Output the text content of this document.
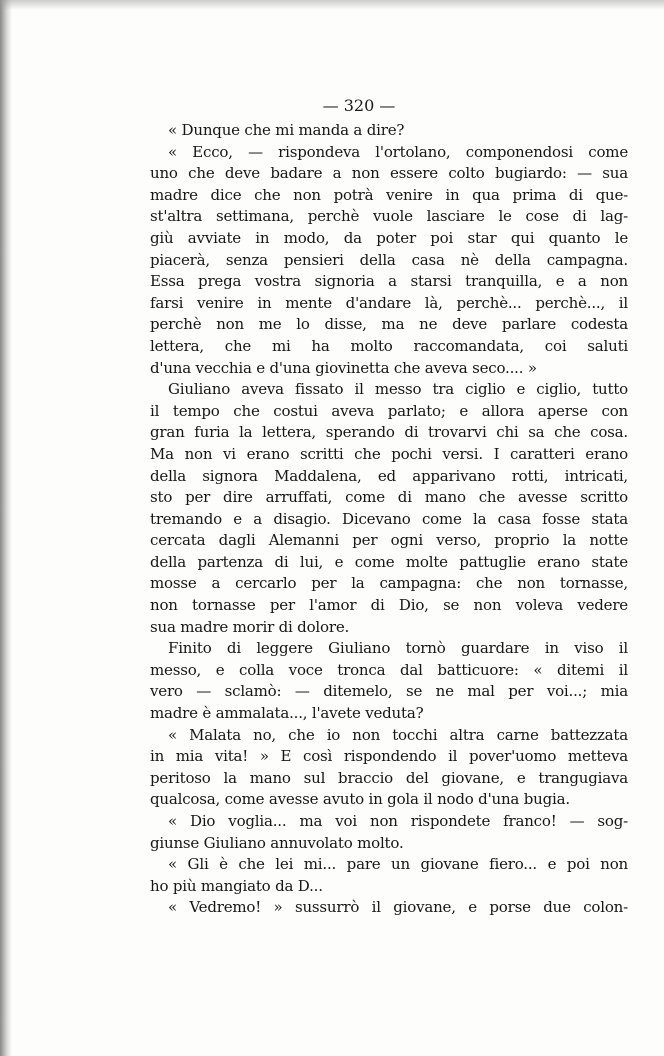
— 320 —
« Dunque che mi manda a dire?
« Ecco, — rispondeva l'ortolano, componendosi come
uno che deve badare a non essere colto bugiardo: — sua
madre dice che non potrà venire in qua prima di que-
st'altra settimana, perchè vuole lasciare le cose di lag-
giù avviate in modo, da poter poi star qui quanto le
piacerà, senza pensieri della casa nè della campagna.
Essa prega vostra signoria a starsi tranquilla, e a non
farsi venire in mente d'andare là, perchè... perchè..., il
perchè non me lo disse, ma ne deve parlare codesta
lettera, che mi ha molto raccomandata, coi saluti
d'una vecchia e d'una giovinetta che aveva seco.... »
Giuliano aveva fissato il messo tra ciglio e ciglio, tutto
il tempo che costui aveva parlato; e allora aperse con
gran furia la lettera, sperando di trovarvi chi sa che cosa.
Ma non vi erano scritti che pochi versi. I caratteri erano
della signora Maddalena, ed apparivano rotti, intricati,
sto per dire arruffati, come di mano che avesse scritto
tremando e a disagio. Dicevano come la casa fosse stata
cercata dagli Alemanni per ogni verso, proprio la notte
della partenza di lui, e come molte pattuglie erano state
mosse a cercarlo per la campagna: che non tornasse,
non tornasse per l'amor di Dio, se non voleva vedere
sua madre morir di dolore.
Finito di leggere Giuliano tornò guardare in viso il
messo, e colla voce tronca dal batticuore: « ditemi il
vero — sclamò: — ditemelo, se ne mal per voi...; mia
madre è ammalata..., l'avete veduta?
« Malata no, che io non tocchi altra carne battezzata
in mia vita! » E così rispondendo il pover'uomo metteva
peritoso la mano sul braccio del giovane, e trangugiava
qualcosa, come avesse avuto in gola il nodo d'una bugia.
« Dio voglia... ma voi non rispondete franco! — sog-
giunse Giuliano annuvolato molto.
« Gli è che lei mi... pare un giovane fiero... e poi non
ho più mangiato da D...
« Vedremo! » sussurrò il giovane, e porse due colon-
